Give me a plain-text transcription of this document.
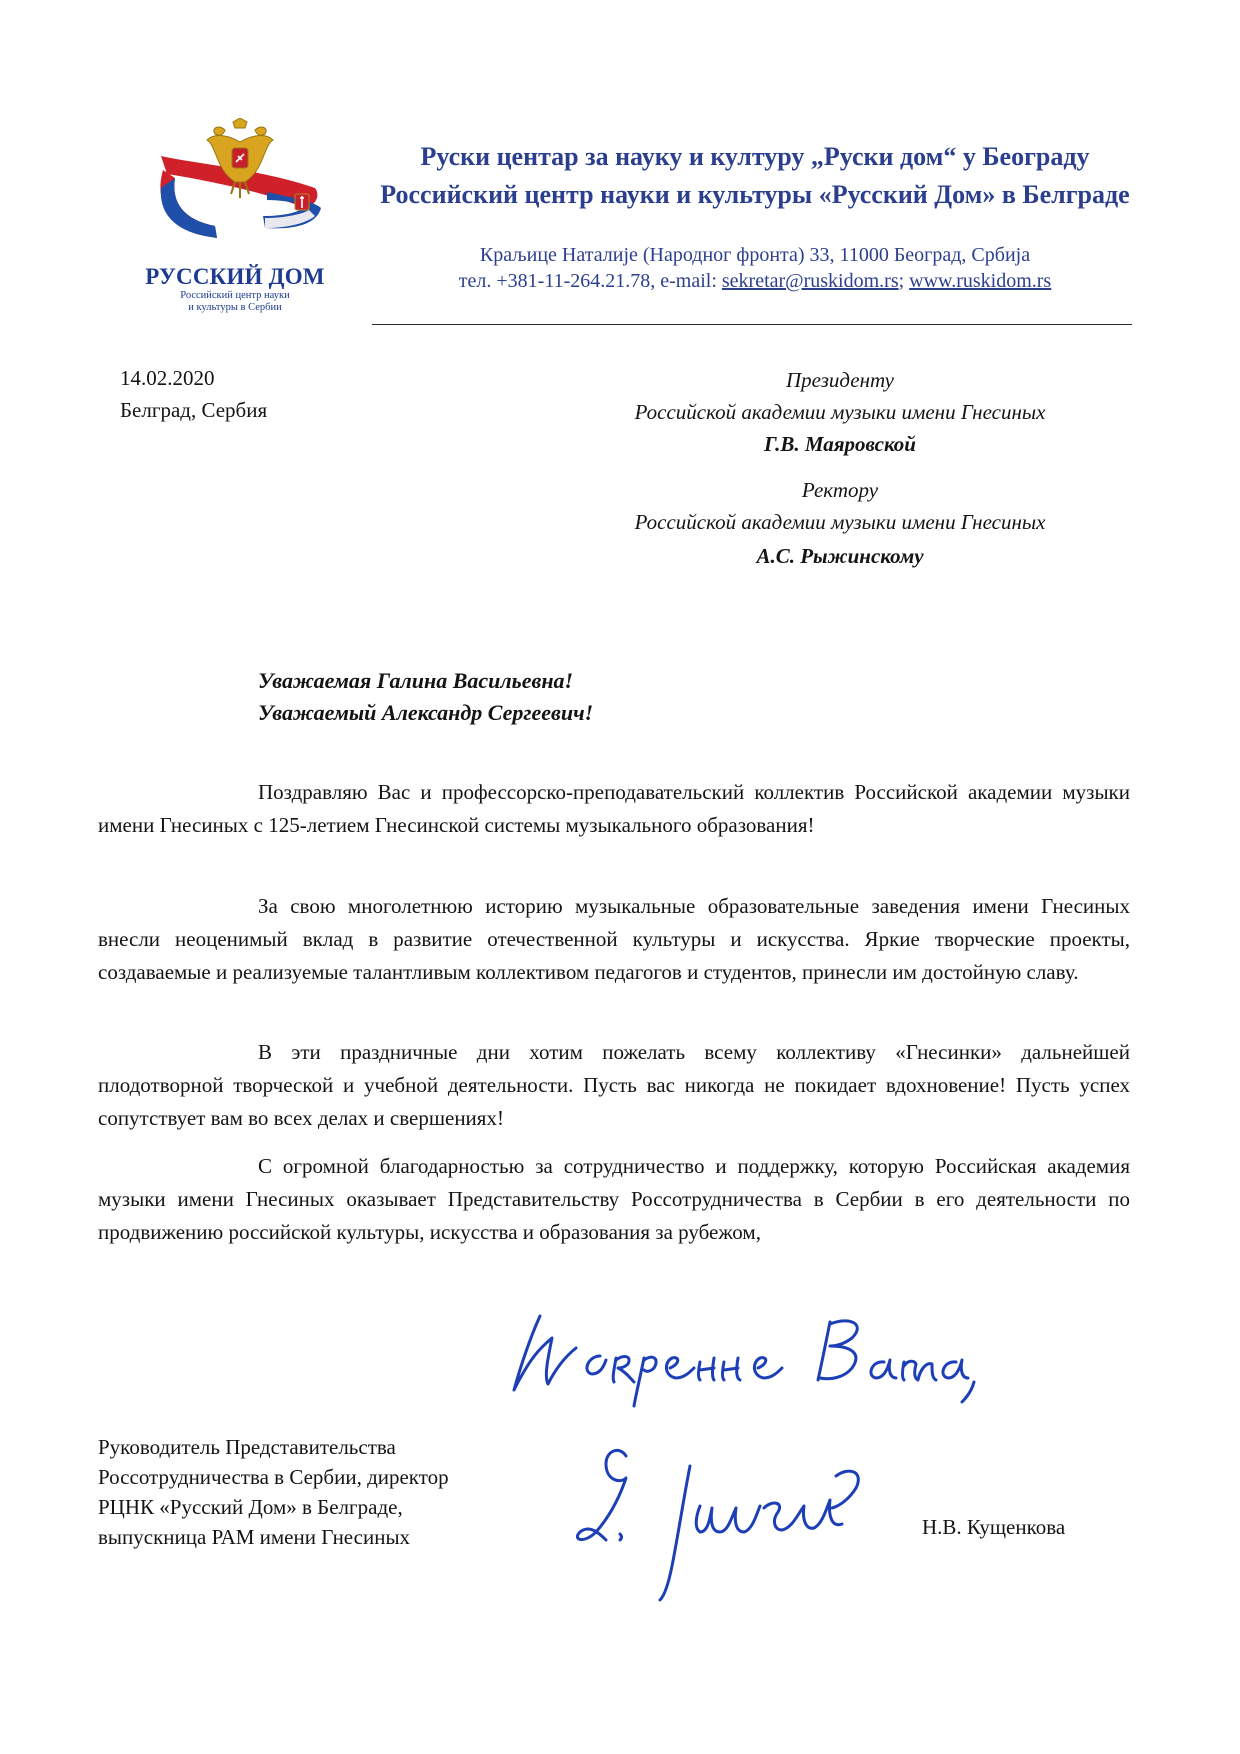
РУССКИЙ ДОМ
Российский центр науки
и культуры в Сербии
Руски центар за науку и културу „Руски дом“ у Београду
Российский центр науки и культуры «Русский Дом» в Белграде
Краљице Наталије (Народног фронта) 33, 11000 Београд, Србија
тел. +381-11-264.21.78, e-mail: sekretar@ruskidom.rs; www.ruskidom.rs
14.02.2020
Белград, Сербия
Президенту
Российской академии музыки имени Гнесиных
Г.В. Маяровской
Ректору
Российской академии музыки имени Гнесиных
А.С. Рыжинскому
Уважаемая Галина Васильевна!
Уважаемый Александр Сергеевич!
Поздравляю Вас и профессорско-преподавательский коллектив Российской академии музыки имени Гнесиных с 125-летием Гнесинской системы музыкального образования!
За свою многолетнюю историю музыкальные образовательные заведения имени Гнесиных внесли неоценимый вклад в развитие отечественной культуры и искусства. Яркие творческие проекты, создаваемые и реализуемые талантливым коллективом педагогов и студентов, принесли им достойную славу.
В эти праздничные дни хотим пожелать всему коллективу «Гнесинки» дальнейшей плодотворной творческой и учебной деятельности. Пусть вас никогда не покидает вдохновение! Пусть успех сопутствует вам во всех делах и свершениях!
С огромной благодарностью за сотрудничество и поддержку, которую Российская академия музыки имени Гнесиных оказывает Представительству Россотрудничества в Сербии в его деятельности по продвижению российской культуры, искусства и образования за рубежом,
Руководитель Представительства
Россотрудничества в Сербии, директор
РЦНК «Русский Дом» в Белграде,
выпускница РАМ имени Гнесиных	Н.В. Кущенкова
